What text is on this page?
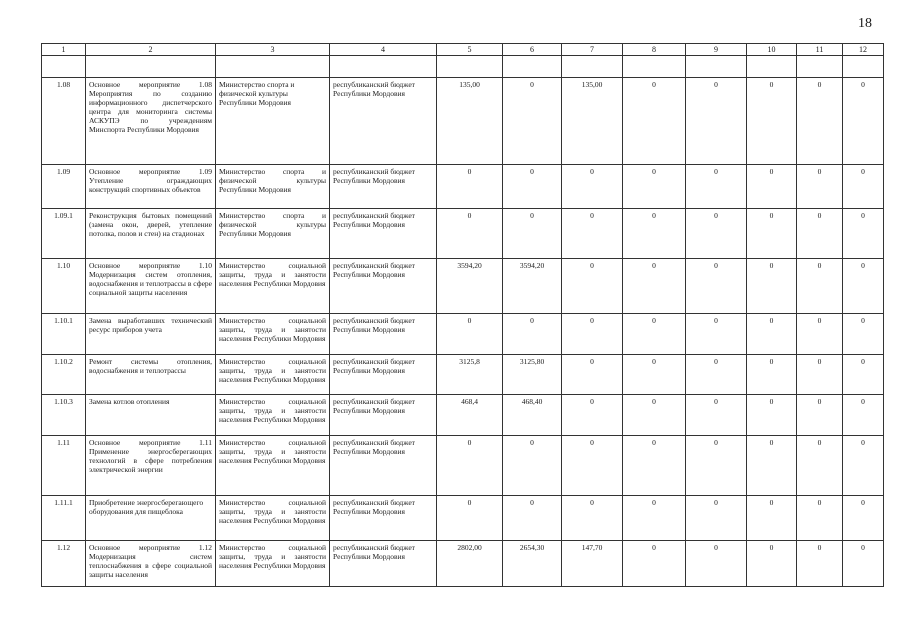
18
1	2	3	4	5	6	7	8	9	10	11	12

1.08	Основное мероприятие 1.08 Мероприятия по созданию информационного диспетчерского центра для мониторинга системы АСКУПЭ по учреждениям Минспорта Республики Мордовия	Министерство спорта и физической культуры Республики Мордовия	республиканский бюджет Республики Мордовия	135,00	0	135,00	0	0	0	0	0
1.09	Основное мероприятие 1.09 Утепление ограждающих конструкций спортивных объектов	Министерство спорта и физической культуры Республики Мордовия	республиканский бюджет Республики Мордовия	0	0	0	0	0	0	0	0
1.09.1	Реконструкция бытовых помещений (замена окон, дверей, утепление потолка, полов и стен) на стадионах	Министерство спорта и физической культуры Республики Мордовия	республиканский бюджет Республики Мордовия	0	0	0	0	0	0	0	0
1.10	Основное мероприятие 1.10 Модернизация систем отопления, водоснабжения и теплотрассы в сфере социальной защиты населения	Министерство социальной защиты, труда и занятости населения Республики Мордовия	республиканский бюджет Республики Мордовия	3594,20	3594,20	0	0	0	0	0	0
1.10.1	Замена выработавших технический ресурс приборов учета	Министерство социальной защиты, труда и занятости населения Республики Мордовия	республиканский бюджет Республики Мордовия	0	0	0	0	0	0	0	0
1.10.2	Ремонт системы отопления, водоснабжения и теплотрассы	Министерство социальной защиты, труда и занятости населения Республики Мордовия	республиканский бюджет Республики Мордовия	3125,8	3125,80	0	0	0	0	0	0
1.10.3	Замена котлов отопления	Министерство социальной защиты, труда и занятости населения Республики Мордовия	республиканский бюджет Республики Мордовия	468,4	468,40	0	0	0	0	0	0
1.11	Основное мероприятие 1.11 Применение энергосберегающих технологий в сфере потребления электрической энергии	Министерство социальной защиты, труда и занятости населения Республики Мордовия	республиканский бюджет Республики Мордовия	0	0	0	0	0	0	0	0
1.11.1	Приобретение энергосберегающего оборудования для пищеблока	Министерство социальной защиты, труда и занятости населения Республики Мордовия	республиканский бюджет Республики Мордовия	0	0	0	0	0	0	0	0
1.12	Основное мероприятие 1.12 Модернизация систем теплоснабжения в сфере социальной защиты населения	Министерство социальной защиты, труда и занятости населения Республики Мордовия	республиканский бюджет Республики Мордовия	2802,00	2654,30	147,70	0	0	0	0	0
